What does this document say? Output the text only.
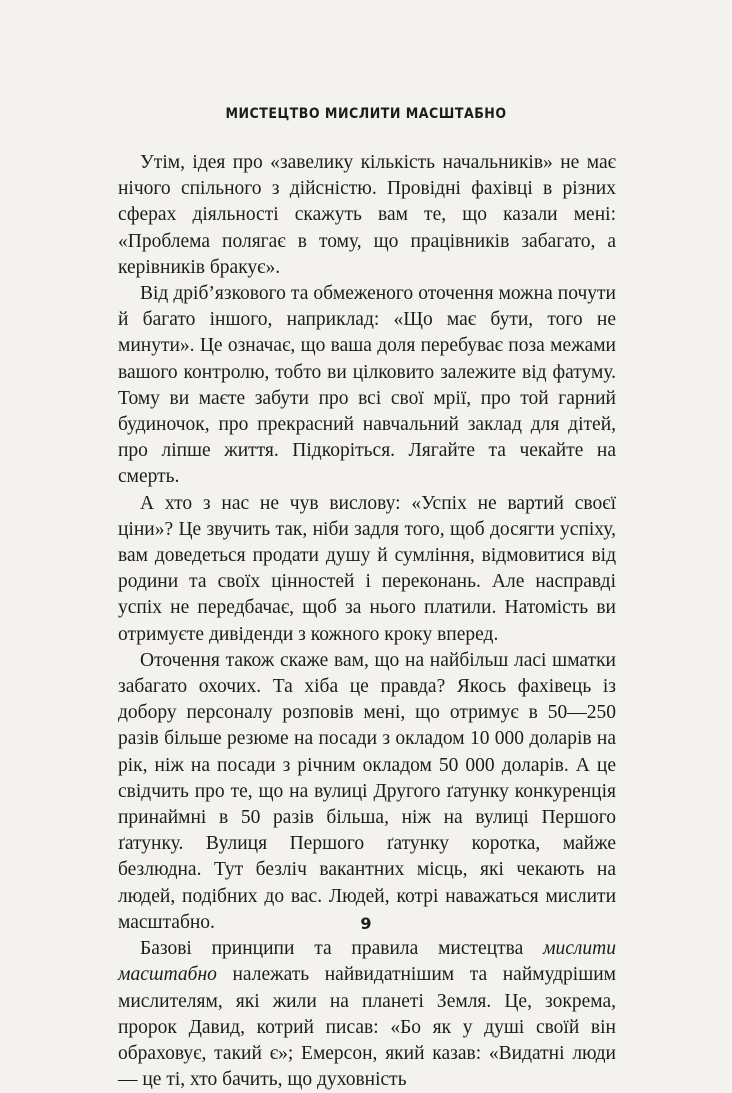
МИСТЕЦТВО МИСЛИТИ МАСШТАБНО

Утім, ідея про «завелику кількість начальників» не має нічого спільного з дійсністю. Провідні фахівці в різних сферах діяльності скажуть вам те, що казали мені: «Проблема полягає в тому, що працівників забагато, а керівників бракує».

Від дріб’язкового та обмеженого оточення можна почути й багато іншого, наприклад: «Що має бути, того не минути». Це означає, що ваша доля перебуває поза межами вашого контролю, тобто ви цілковито залежите від фатуму. Тому ви маєте забути про всі свої мрії, про той гарний будиночок, про прекрасний навчальний заклад для дітей, про ліпше життя. Підкорiться. Лягайте та чекайте на смерть.

А хто з нас не чув вислову: «Успіх не вартий своєї ціни»? Це звучить так, ніби задля того, щоб досягти успіху, вам доведеться продати душу й сумління, відмовитися від родини та своїх цінностей і переконань. Але насправді успіх не передбачає, щоб за нього платили. Натомість ви отримуєте дивіденди з кожного кроку вперед.

Оточення також скаже вам, що на найбільш ласі шматки забагато охочих. Та хіба це правда? Якось фахівець із добору персоналу розповів мені, що отримує в 50—250 разів більше резюме на посади з окладом 10 000 доларів на рік, ніж на посади з річним окладом 50 000 доларів. А це свідчить про те, що на вулиці Другого ґатунку конкуренція принаймні в 50 разів більша, ніж на вулиці Першого ґатунку. Вулиця Першого ґатунку коротка, майже безлюдна. Тут безліч вакантних місць, які чекають на людей, подібних до вас. Людей, котрі наважаться мислити масштабно.

Базові принципи та правила мистецтва мислити масштабно належать найвидатнішим та наймудрішим мислителям, які жили на планеті Земля. Це, зокрема, пророк Давид, котрий писав: «Бо як у душі своїй він обраховує, такий є»; Емерсон, який казав: «Видатні люди — це ті, хто бачить, що духовність

9
